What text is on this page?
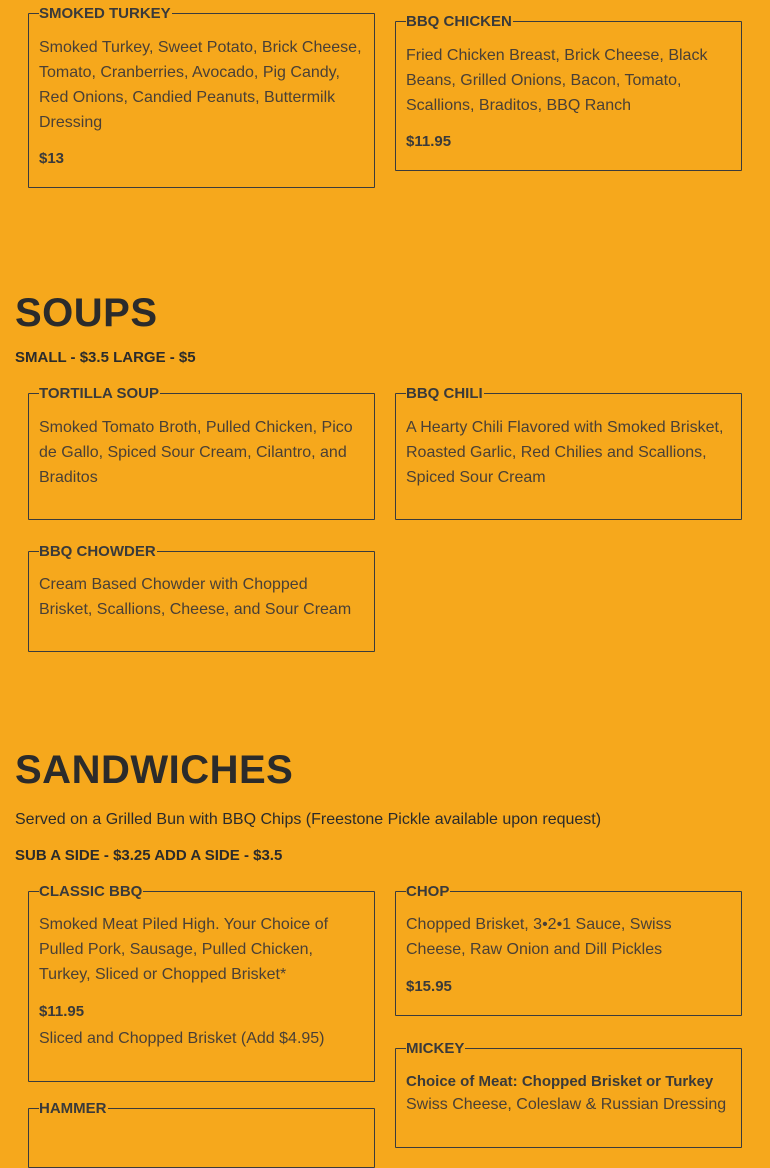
SMOKED TURKEY
Smoked Turkey, Sweet Potato, Brick Cheese, Tomato, Cranberries, Avocado, Pig Candy, Red Onions, Candied Peanuts, Buttermilk Dressing
$13
BBQ CHICKEN
Fried Chicken Breast, Brick Cheese, Black Beans, Grilled Onions, Bacon, Tomato, Scallions, Braditos, BBQ Ranch
$11.95
SOUPS
SMALL - $3.5 LARGE - $5
TORTILLA SOUP
Smoked Tomato Broth, Pulled Chicken, Pico de Gallo, Spiced Sour Cream, Cilantro, and Braditos
BBQ CHILI
A Hearty Chili Flavored with Smoked Brisket, Roasted Garlic, Red Chilies and Scallions, Spiced Sour Cream
BBQ CHOWDER
Cream Based Chowder with Chopped Brisket, Scallions, Cheese, and Sour Cream
SANDWICHES
Served on a Grilled Bun with BBQ Chips (Freestone Pickle available upon request)
SUB A SIDE - $3.25 ADD A SIDE - $3.5
CLASSIC BBQ
Smoked Meat Piled High. Your Choice of Pulled Pork, Sausage, Pulled Chicken, Turkey, Sliced or Chopped Brisket*
$11.95
Sliced and Chopped Brisket (Add $4.95)
CHOP
Chopped Brisket, 3•2•1 Sauce, Swiss Cheese, Raw Onion and Dill Pickles
$15.95
MICKEY
Choice of Meat: Chopped Brisket or Turkey
Swiss Cheese, Coleslaw & Russian Dressing
HAMMER
